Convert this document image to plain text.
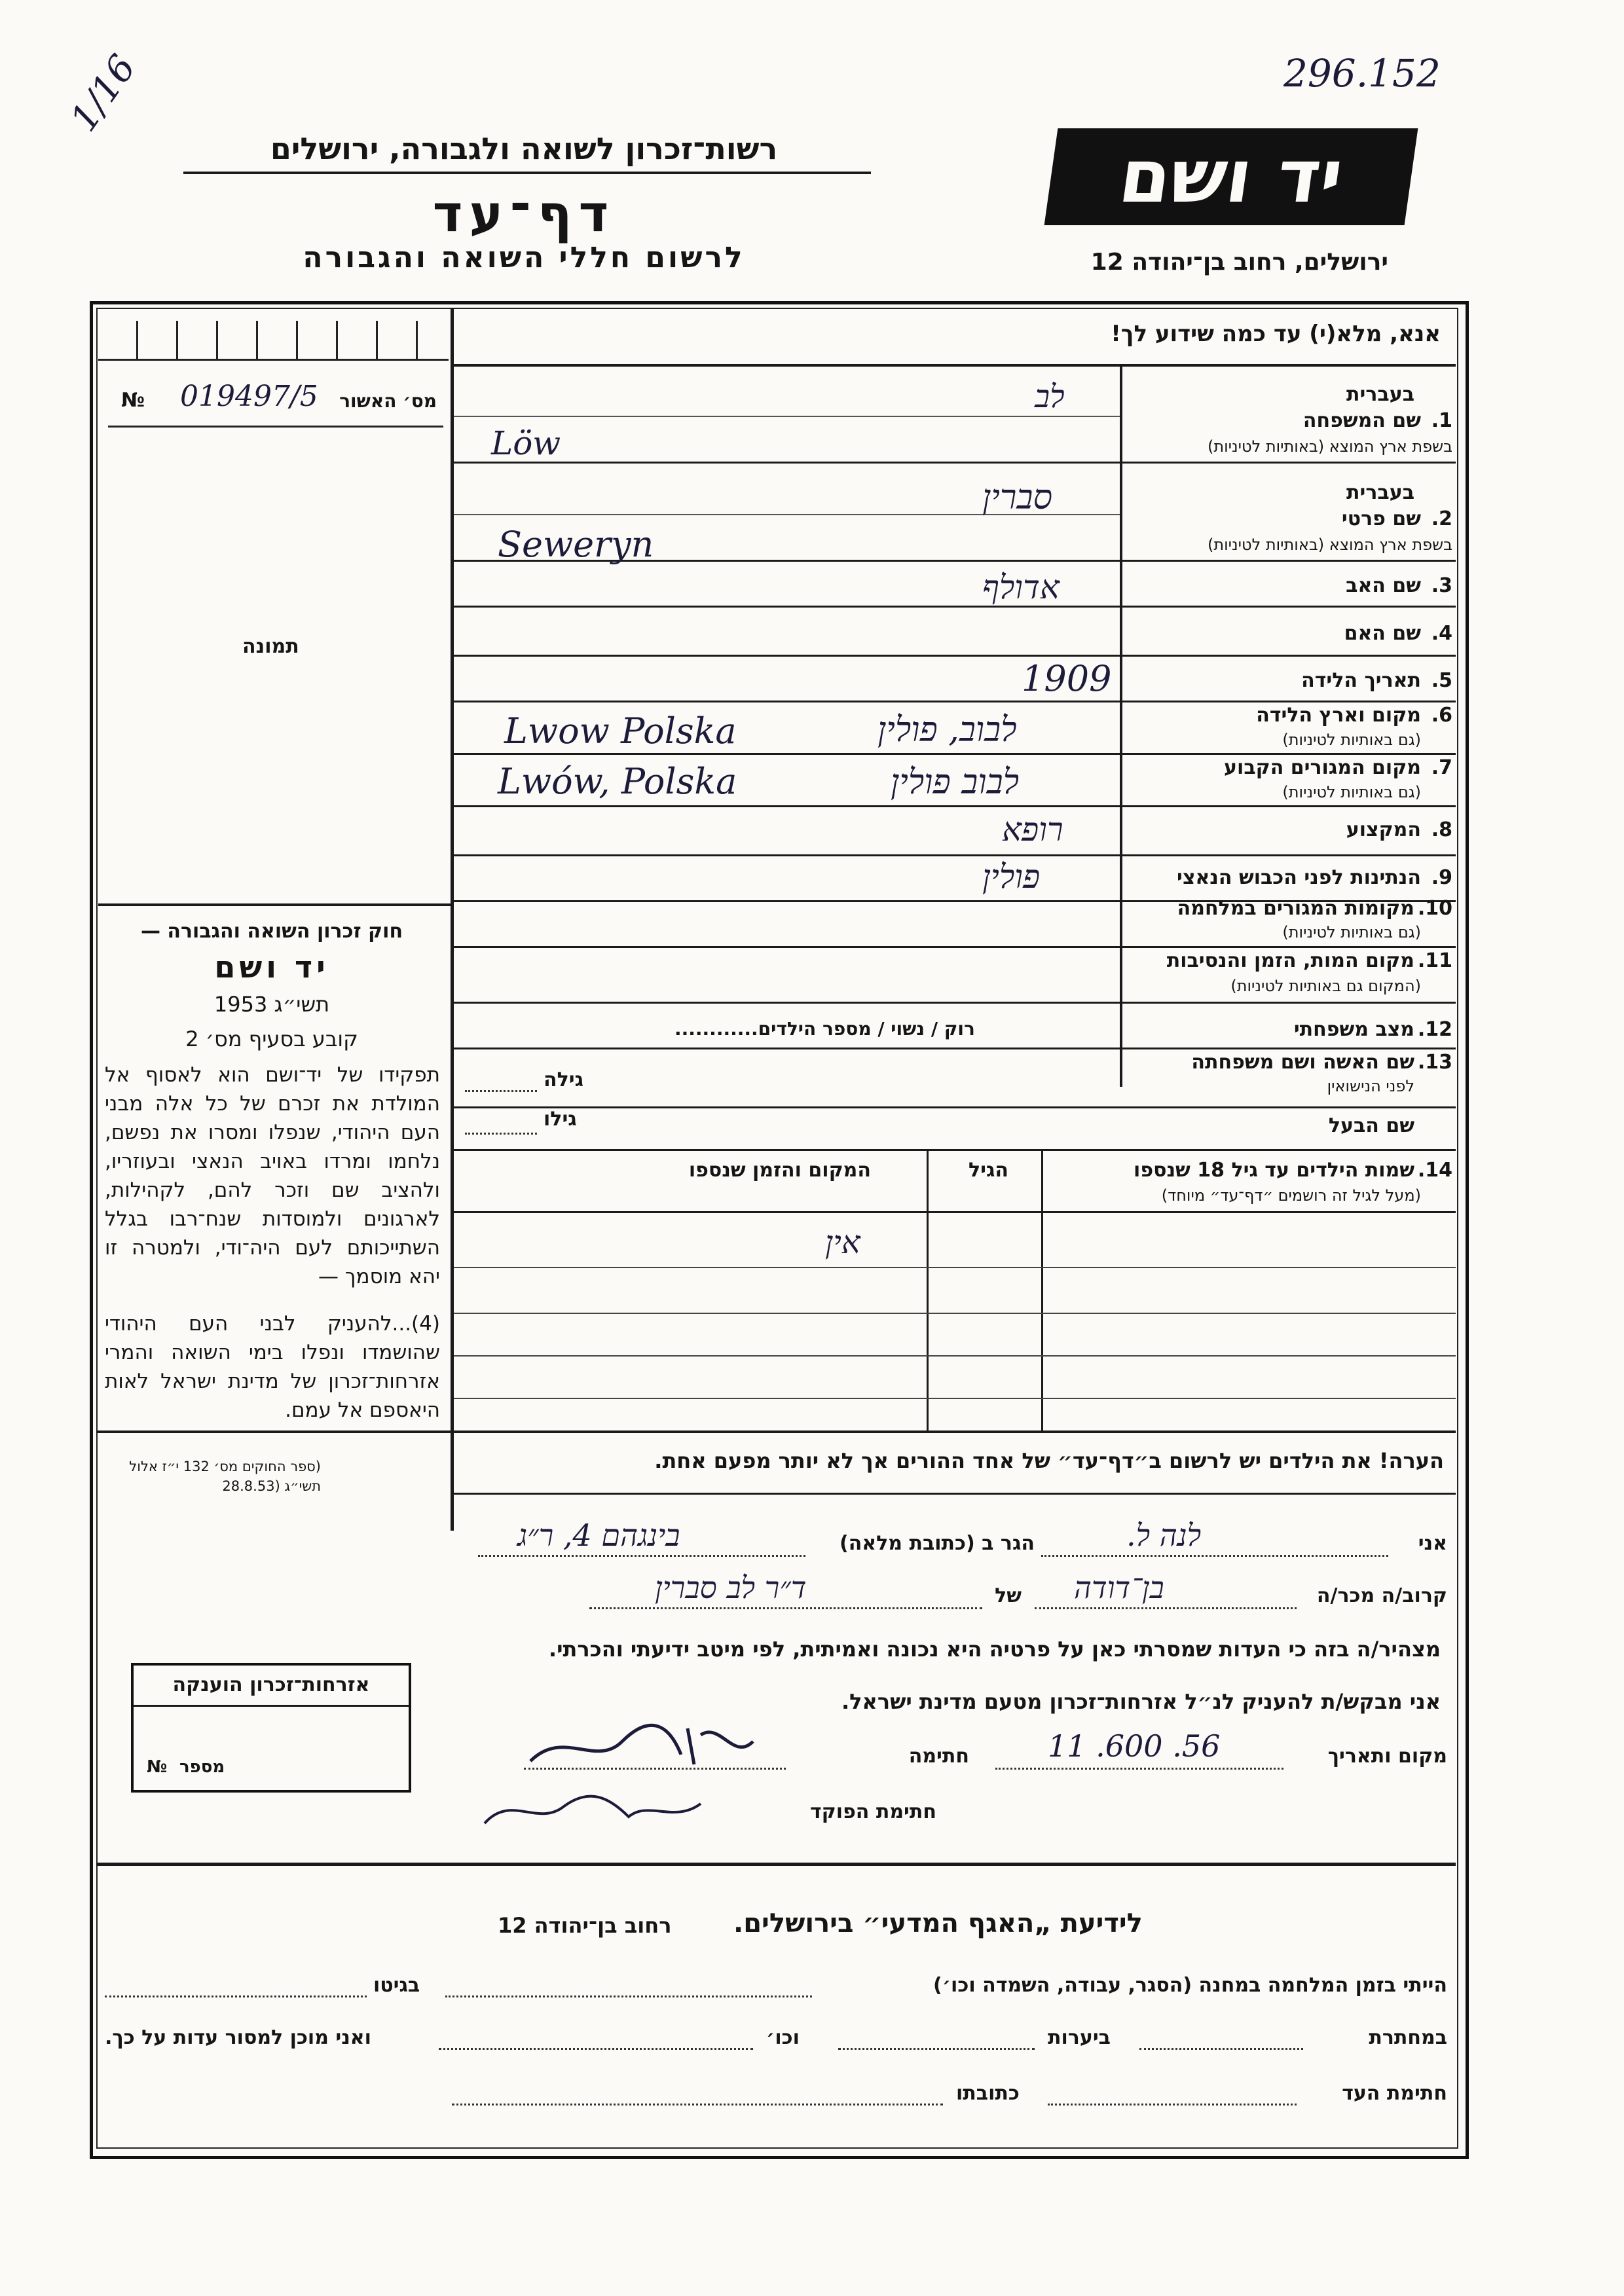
296.152
1/16
רשות־זכרון לשואה ולגבורה, ירושלים
דף־עד
לרשום חללי השואה והגבורה
יד ושם
ירושלים, רחוב בן־יהודה 12
אנא, מלא(י) עד כמה שידוע לך!
№ 019497/5 מס׳ האשור
תמונה
חוק זכרון השואה והגבורה —
יד ושם
תשי״ג 1953
קובע בסעיף מס׳ 2
תפקידו של יד־ושם הוא לאסוף אל המולדת את זכרם של כל אלה מבני העם היהודי, שנפלו ומסרו את נפשם, נלחמו ומרדו באויב הנאצי ובעוזריו, ולהציב שם וזכר להם, לקהילות, לארגונים ולמוסדות שנח־רבו בגלל השתייכותם לעם היה־ודי, ולמטרה זו יהא מוסמך —
(4)...להעניק לבני העם היהודי שהושמדו ונפלו בימי השואה והמרי אזרחות־זכרון של מדינת ישראל לאות היאספם אל עמם.
(ספר החוקים מס׳ 132 י״ז אלול תשי״ג (28.8.53
אזרחות־זכרון הוענקה
№ מספר
בעברית
1.
שם המשפחה
בשפת ארץ המוצא (באותיות לטיניות)
לב
Löw
בעברית
2.
שם פרטי
בשפת ארץ המוצא (באותיות לטיניות)
סברין
Seweryn
3.
שם האב
אדולף
4.
שם האם
5.
תאריך הלידה
1909
6.
מקום וארץ הלידה
(גם באותיות לטיניות)
לבוב, פולין
Lwow Polska
7.
מקום המגורים הקבוע
(גם באותיות לטיניות)
לבוב פולין
Lwów, Polska
8.
המקצוע
רופא
9.
הנתינות לפני הכבוש הנאצי
פולין
10.
מקומות המגורים במלחמה
(גם באותיות לטיניות)
11.
מקום המות, הזמן והנסיבות
(המקום גם באותיות לטיניות)
12.
מצב משפחתי
רוק / נשוי / מספר הילדים............
13.
שם האשה ושם משפחתה
לפני הנישואין
גילה
שם הבעל
גילו
14.
שמות הילדים עד גיל 18 שנספו
(מעל לגיל זה רושמים ״דף־עד״ מיוחד)
הגיל
המקום והזמן שנספו
אין
הערה! את הילדים יש לרשום ב״דף־עד״ של אחד ההורים אך לא יותר מפעם אחת.
אני
לנה ל.
הגר ב (כתובת מלאה)
בינגהם 4, ר״ג
קרוב/ה מכר/ה
בן־דודה
של
ד״ר לב סברין
מצהיר/ה בזה כי העדות שמסרתי כאן על פרטיה היא נכונה ואמיתית, לפי מיטב ידיעתי והכרתי.
אני מבקש/ת להעניק לנ״ל אזרחות־זכרון מטעם מדינת ישראל.
מקום ותאריך
11 .600 .56
חתימה
חתימת הפוקד
לידיעת „האגף המדעי״ בירושלים.
רחוב בן־יהודה 12
הייתי בזמן המלחמה במחנה (הסגר, עבודה, השמדה וכו׳)
בגיטו
במחתרת
ביערות
וכו׳
ואני מוכן למסור עדות על כך.
חתימת העד
כתובתו
